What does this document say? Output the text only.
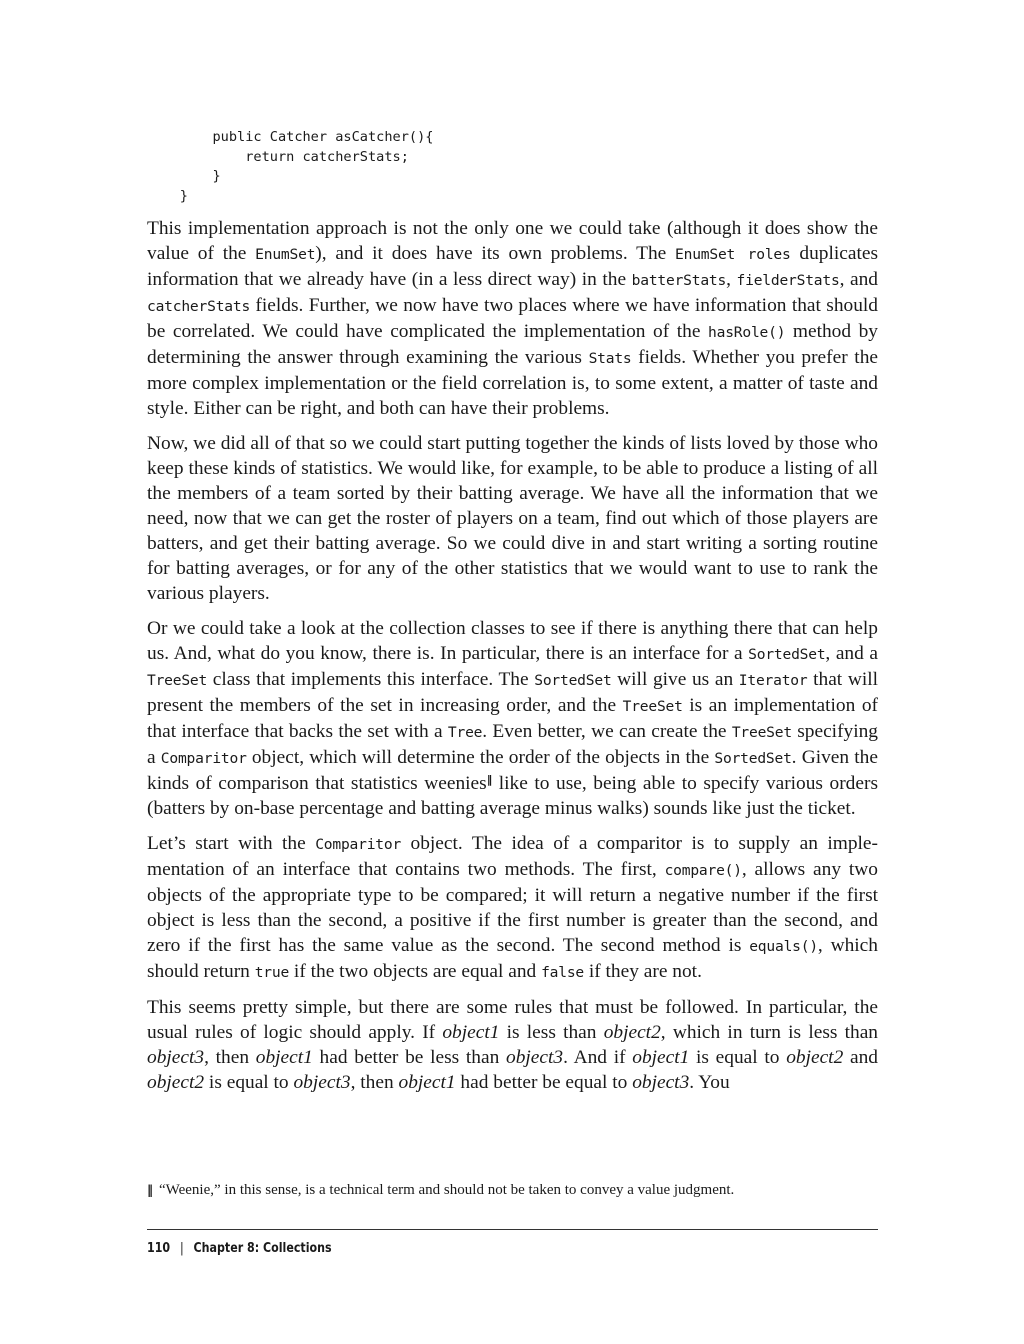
public Catcher asCatcher(){
return catcherStats;
}
}

This implementation approach is not the only one we could take (although it does show the value of the EnumSet), and it does have its own problems. The EnumSet roles duplicates information that we already have (in a less direct way) in the batterStats, fielderStats, and catcherStats fields. Further, we now have two places where we have information that should be correlated. We could have complicated the implementation of the hasRole() method by determining the answer through examining the various Stats fields. Whether you prefer the more complex implementation or the field correlation is, to some extent, a matter of taste and style. Either can be right, and both can have their problems.

Now, we did all of that so we could start putting together the kinds of lists loved by those who keep these kinds of statistics. We would like, for example, to be able to produce a listing of all the members of a team sorted by their batting average. We have all the information that we need, now that we can get the roster of players on a team, find out which of those players are batters, and get their batting average. So we could dive in and start writing a sorting routine for batting averages, or for any of the other statistics that we would want to use to rank the various players.

Or we could take a look at the collection classes to see if there is anything there that can help us. And, what do you know, there is. In particular, there is an interface for a SortedSet, and a TreeSet class that implements this interface. The SortedSet will give us an Iterator that will present the members of the set in increasing order, and the TreeSet is an implementation of that interface that backs the set with a Tree. Even better, we can create the TreeSet specifying a Comparitor object, which will determine the order of the objects in the SortedSet. Given the kinds of comparison that statistics weenies‖ like to use, being able to specify various orders (batters by on-base percentage and batting average minus walks) sounds like just the ticket.

Let’s start with the Comparitor object. The idea of a comparitor is to supply an implementation of an interface that contains two methods. The first, compare(), allows any two objects of the appropriate type to be compared; it will return a negative number if the first object is less than the second, a positive if the first number is greater than the second, and zero if the first has the same value as the second. The second method is equals(), which should return true if the two objects are equal and false if they are not.

This seems pretty simple, but there are some rules that must be followed. In particular, the usual rules of logic should apply. If object1 is less than object2, which in turn is less than object3, then object1 had better be less than object3. And if object1 is equal to object2 and object2 is equal to object3, then object1 had better be equal to object3. You

‖ “Weenie,” in this sense, is a technical term and should not be taken to convey a value judgment.
110 | Chapter 8: Collections
